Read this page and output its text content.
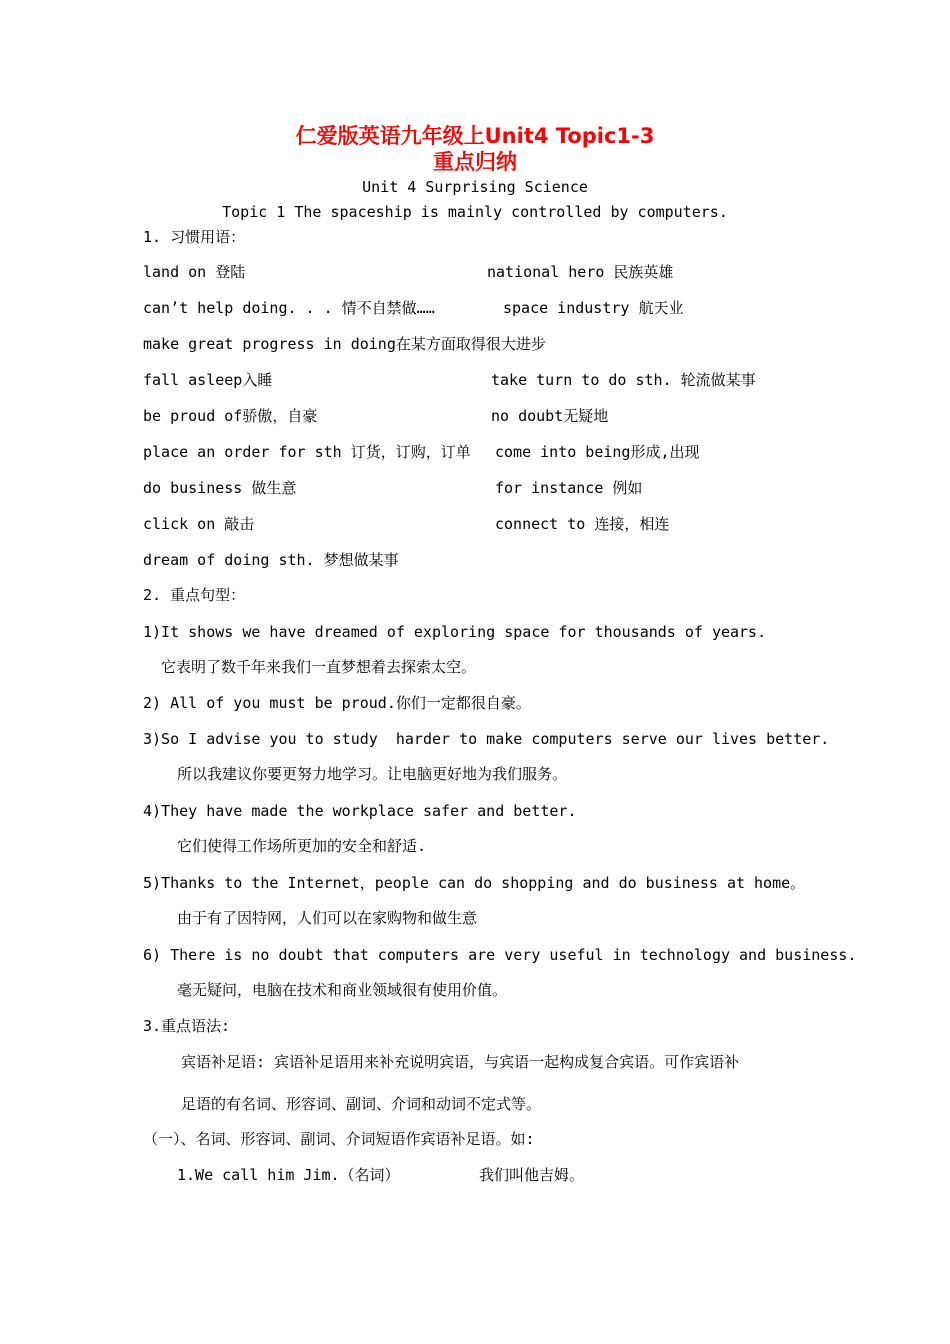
仁爱版英语九年级上Unit4 Topic1-3
重点归纳
Unit 4 Surprising Science
Topic 1 The spaceship is mainly controlled by computers.
1. 习惯用语：
land on 登陆	national hero 民族英雄
can’t help doing. . . 情不自禁做……	space industry 航天业
make great progress in doing在某方面取得很大进步
fall asleep入睡	take turn to do sth. 轮流做某事
be proud of骄傲，自豪	no doubt无疑地
place an order for sth 订货，订购，订单 come into being形成,出现
do business 做生意	for instance 例如
click on 敲击	connect to 连接，相连
dream of doing sth. 梦想做某事
2. 重点句型：
1)It shows we have dreamed of exploring space for thousands of years.
它表明了数千年来我们一直梦想着去探索太空。
2) All of you must be proud.你们一定都很自豪。
3)So I advise you to study  harder to make computers serve our lives better.
所以我建议你要更努力地学习。让电脑更好地为我们服务。
4)They have made the workplace safer and better.
它们使得工作场所更加的安全和舒适.
5)Thanks to the Internet，people can do shopping and do business at home。
由于有了因特网，人们可以在家购物和做生意
6) There is no doubt that computers are very useful in technology and business.
毫无疑问，电脑在技术和商业领域很有使用价值。
3.重点语法:
宾语补足语: 宾语补足语用来补充说明宾语，与宾语一起构成复合宾语。可作宾语补
足语的有名词、形容词、副词、介词和动词不定式等。
（一）、名词、形容词、副词、介词短语作宾语补足语。如:
1.We call him Jim.（名词）	我们叫他吉姆。
